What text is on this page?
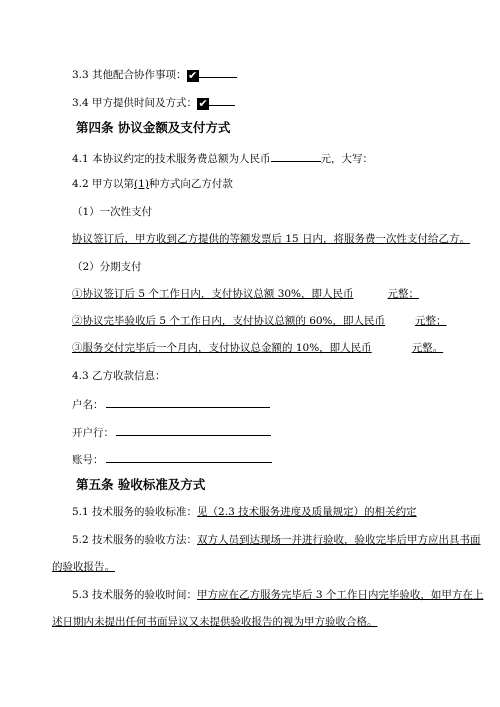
3.3 其他配合协作事项：✔
3.4 甲方提供时间及方式：✔
第四条 协议金额及支付方式
4.1 本协议约定的技术服务费总额为人民币	元，大写：
4.2 甲方以第(1)种方式向乙方付款
（1）一次性支付
协议签订后，甲方收到乙方提供的等额发票后 15 日内，将服务费一次性支付给乙方。
（2）分期支付
①协议签订后 5 个工作日内，支付协议总额 30%，即人民币	元整；
②协议完毕验收后 5 个工作日内，支付协议总额的 60%，即人民币	元整；
③服务交付完毕后一个月内，支付协议总金额的 10%，即人民币	元整。
4.3 乙方收款信息：
户名：
开户行：
账号：
第五条 验收标准及方式
5.1 技术服务的验收标准：见（2.3 技术服务进度及质量规定）的相关约定
5.2 技术服务的验收方法：双方人员到达现场一并进行验收，验收完毕后甲方应出具书面
的验收报告。
5.3 技术服务的验收时间：甲方应在乙方服务完毕后 3 个工作日内完毕验收，如甲方在上
述日期内未提出任何书面异议又未提供验收报告的视为甲方验收合格。
